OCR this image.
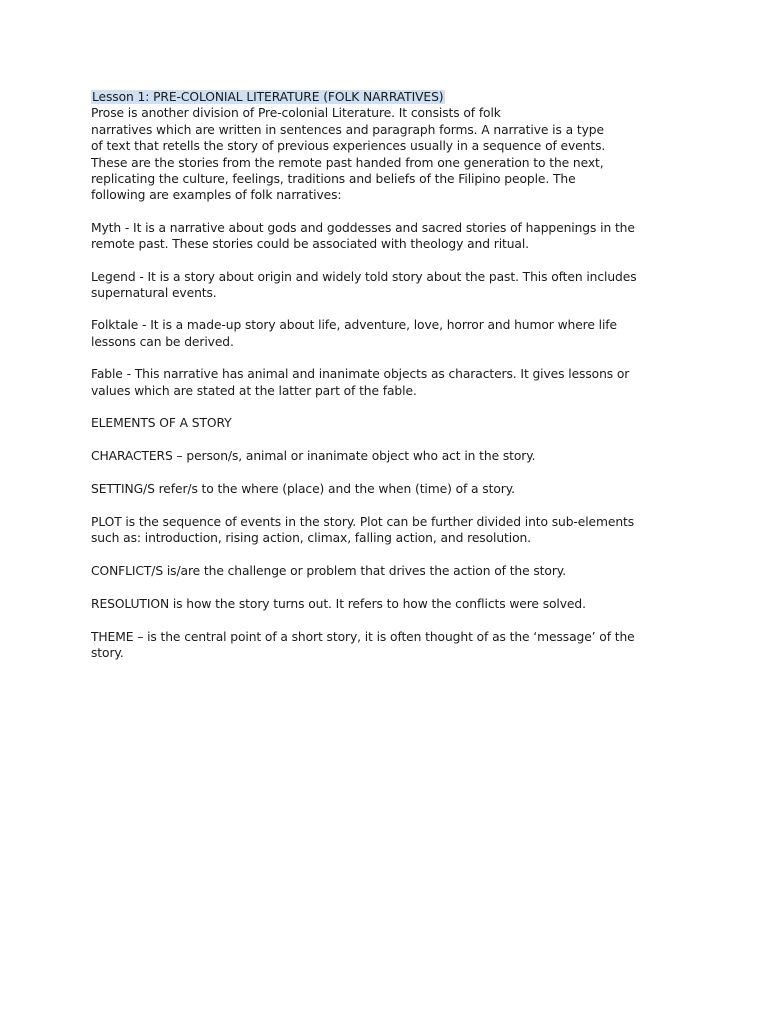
Lesson 1: PRE-COLONIAL LITERATURE (FOLK NARRATIVES)

Prose is another division of Pre-colonial Literature. It consists of folk
narratives which are written in sentences and paragraph forms. A narrative is a type
of text that retells the story of previous experiences usually in a sequence of events.
These are the stories from the remote past handed from one generation to the next,
replicating the culture, feelings, traditions and beliefs of the Filipino people. The
following are examples of folk narratives:

Myth - It is a narrative about gods and goddesses and sacred stories of happenings in the
remote past. These stories could be associated with theology and ritual.

Legend - It is a story about origin and widely told story about the past. This often includes
supernatural events.

Folktale - It is a made-up story about life, adventure, love, horror and humor where life
lessons can be derived.

Fable - This narrative has animal and inanimate objects as characters. It gives lessons or
values which are stated at the latter part of the fable.

ELEMENTS OF A STORY

CHARACTERS – person/s, animal or inanimate object who act in the story.

SETTING/S refer/s to the where (place) and the when (time) of a story.

PLOT is the sequence of events in the story. Plot can be further divided into sub-elements
such as: introduction, rising action, climax, falling action, and resolution.

CONFLICT/S is/are the challenge or problem that drives the action of the story.

RESOLUTION is how the story turns out. It refers to how the conflicts were solved.

THEME – is the central point of a short story, it is often thought of as the ‘message’ of the
story.
